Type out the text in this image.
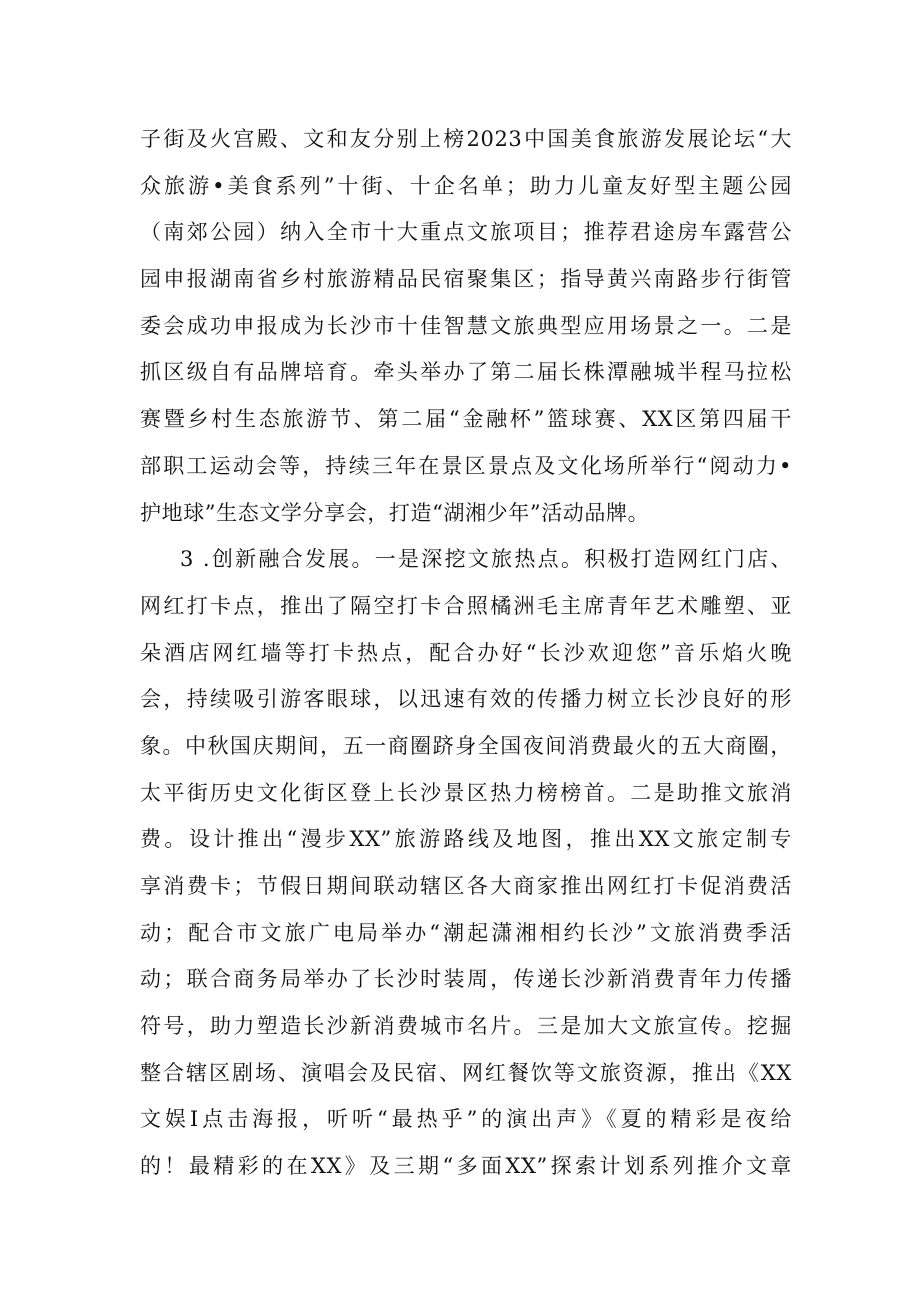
子街及火宫殿、文和友分别上榜2023中国美食旅游发展论坛“大
众旅游•美食系列”十街、十企名单；助力儿童友好型主题公园
（南郊公园）纳入全市十大重点文旅项目；推荐君途房车露营公
园申报湖南省乡村旅游精品民宿聚集区；指导黄兴南路步行街管
委会成功申报成为长沙市十佳智慧文旅典型应用场景之一。二是
抓区级自有品牌培育。牵头举办了第二届长株潭融城半程马拉松
赛暨乡村生态旅游节、第二届“金融杯”篮球赛、XX区第四届干
部职工运动会等，持续三年在景区景点及文化场所举行“阅动力•
护地球”生态文学分享会，打造“湖湘少年”活动品牌。
3 .创新融合发展。一是深挖文旅热点。积极打造网红门店、
网红打卡点，推出了隔空打卡合照橘洲毛主席青年艺术雕塑、亚
朵酒店网红墙等打卡热点，配合办好“长沙欢迎您”音乐焰火晚
会，持续吸引游客眼球，以迅速有效的传播力树立长沙良好的形
象。中秋国庆期间，五一商圈跻身全国夜间消费最火的五大商圈，
太平街历史文化街区登上长沙景区热力榜榜首。二是助推文旅消
费。设计推出“漫步XX”旅游路线及地图，推出XX文旅定制专
享消费卡；节假日期间联动辖区各大商家推出网红打卡促消费活
动；配合市文旅广电局举办“潮起潇湘相约长沙”文旅消费季活
动；联合商务局举办了长沙时装周，传递长沙新消费青年力传播
符号，助力塑造长沙新消费城市名片。三是加大文旅宣传。挖掘
整合辖区剧场、演唱会及民宿、网红餐饮等文旅资源，推出《XX
文娱I点击海报，听听“最热乎”的演出声》《夏的精彩是夜给
的！最精彩的在XX》及三期“多面XX”探索计划系列推介文章
